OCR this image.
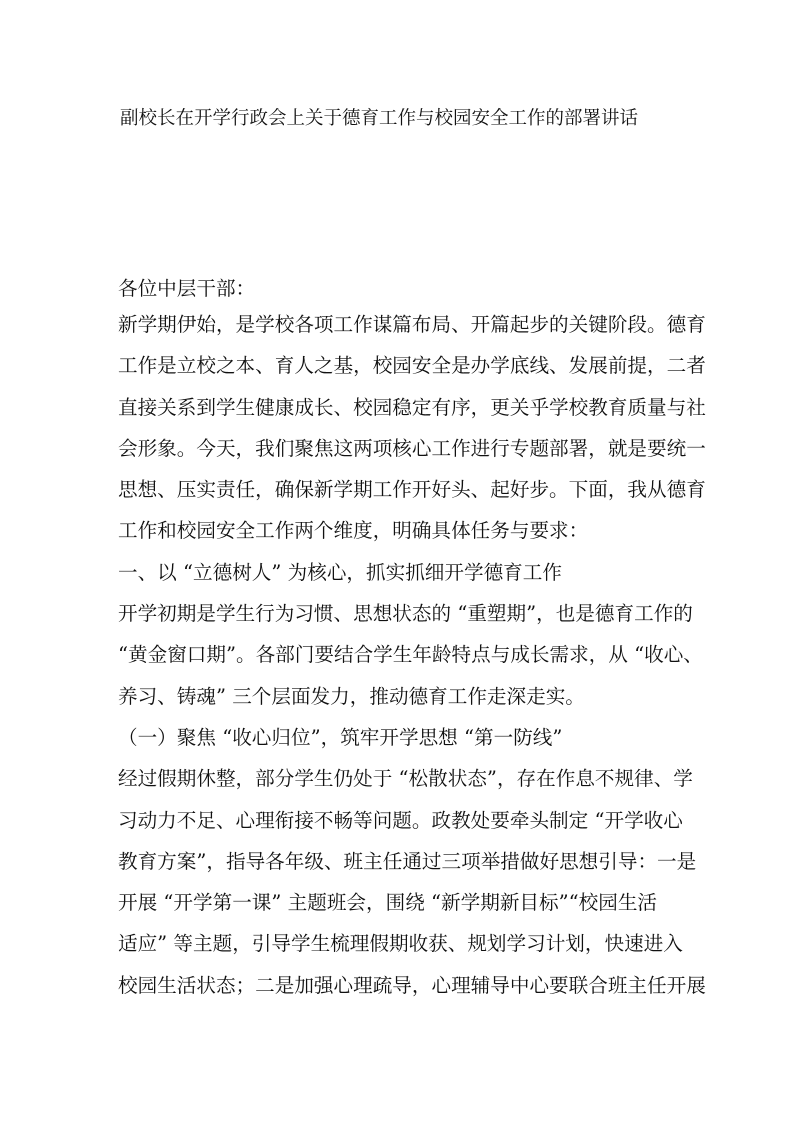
副校长在开学行政会上关于德育工作与校园安全工作的部署讲话
各位中层干部：
新学期伊始，是学校各项工作谋篇布局、开篇起步的关键阶段。德育
工作是立校之本、育人之基，校园安全是办学底线、发展前提，二者
直接关系到学生健康成长、校园稳定有序，更关乎学校教育质量与社
会形象。今天，我们聚焦这两项核心工作进行专题部署，就是要统一
思想、压实责任，确保新学期工作开好头、起好步。下面，我从德育
工作和校园安全工作两个维度，明确具体任务与要求：
一、以 “立德树人” 为核心，抓实抓细开学德育工作
开学初期是学生行为习惯、思想状态的 “重塑期”，也是德育工作的
“黄金窗口期”。各部门要结合学生年龄特点与成长需求，从 “收心、
养习、铸魂” 三个层面发力，推动德育工作走深走实。
（一）聚焦 “收心归位”，筑牢开学思想 “第一防线”
经过假期休整，部分学生仍处于 “松散状态”，存在作息不规律、学
习动力不足、心理衔接不畅等问题。政教处要牵头制定 “开学收心
教育方案”，指导各年级、班主任通过三项举措做好思想引导：一是
开展 “开学第一课” 主题班会，围绕 “新学期新目标”“校园生活
适应” 等主题，引导学生梳理假期收获、规划学习计划，快速进入
校园生活状态；二是加强心理疏导，心理辅导中心要联合班主任开展
